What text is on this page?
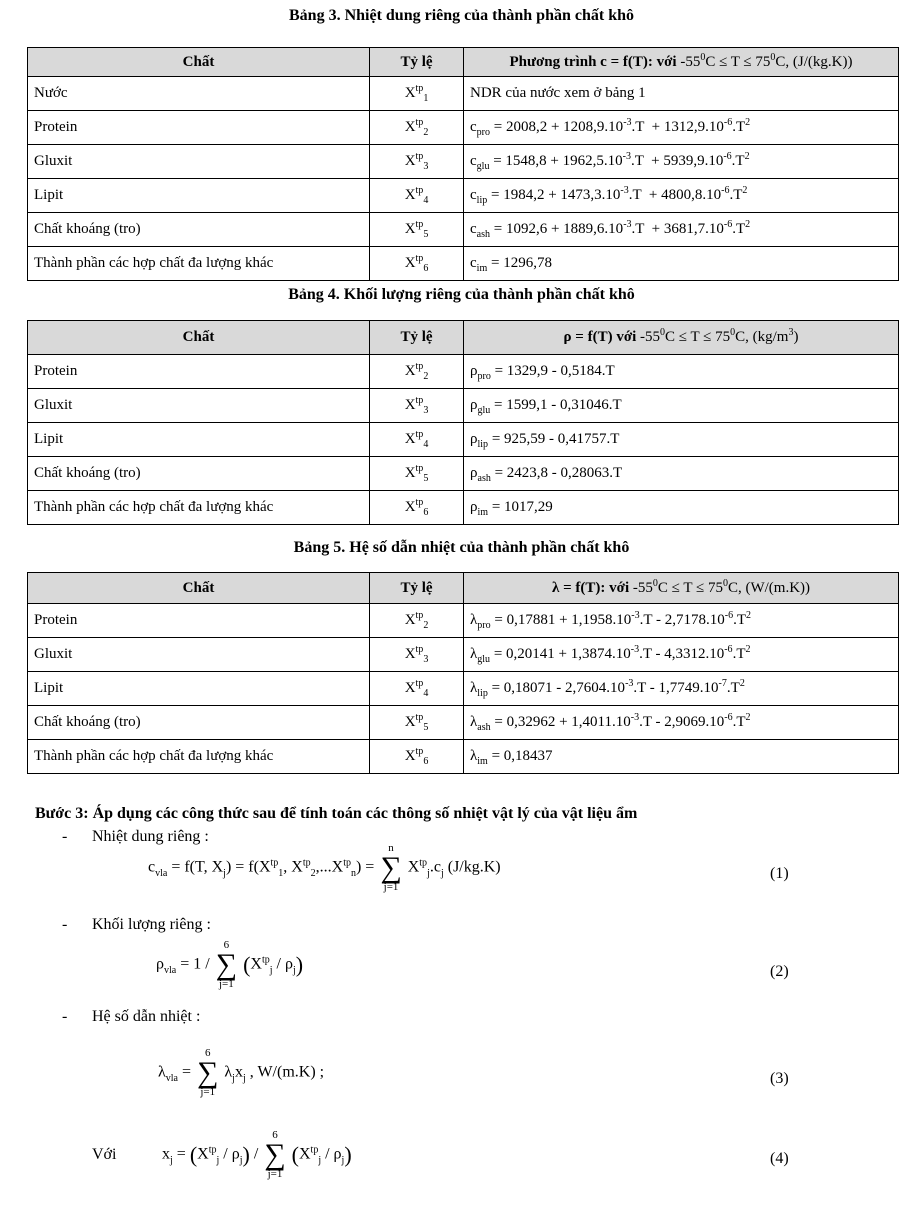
Bảng 3. Nhiệt dung riêng của thành phần chất khô
Chất	Tỷ lệ	Phương trình c = f(T): với $-55^0C \le T \le 75^0C$, (J/(kg.K))
Nước	$X^{tp}_1$	NDR của nước xem ở bảng 1
Protein	$X^{tp}_2$	$c_{pro} = 2008,2 + 1208,9.10^{-3}.T + 1312,9.10^{-6}.T^2$
Gluxit	$X^{tp}_3$	$c_{glu} = 1548,8 + 1962,5.10^{-3}.T + 5939,9.10^{-6}.T^2$
Lipit	$X^{tp}_4$	$c_{lip} = 1984,2 + 1473,3.10^{-3}.T + 4800,8.10^{-6}.T^2$
Chất khoáng (tro)	$X^{tp}_5$	$c_{ash} = 1092,6 + 1889,6.10^{-3}.T + 3681,7.10^{-6}.T^2$
Thành phần các hợp chất đa lượng khác	$X^{tp}_6$	$c_{im} = 1296,78$
Bảng 4. Khối lượng riêng của thành phần chất khô
Chất	Tỷ lệ	ρ = f(T) với $-55^0C \le T \le 75^0C$, $(kg/m^3)$
Protein	$X^{tp}_2$	$\rho_{pro} = 1329,9 - 0,5184.T$
Gluxit	$X^{tp}_3$	$\rho_{glu} = 1599,1 - 0,31046.T$
Lipit	$X^{tp}_4$	$\rho_{lip} = 925,59 - 0,41757.T$
Chất khoáng (tro)	$X^{tp}_5$	$\rho_{ash} = 2423,8 - 0,28063.T$
Thành phần các hợp chất đa lượng khác	$X^{tp}_6$	$\rho_{im} = 1017,29$
Bảng 5. Hệ số dẫn nhiệt của thành phần chất khô
Chất	Tỷ lệ	λ = f(T): với $-55^0C \le T \le 75^0C$, (W/(m.K))
Protein	$X^{tp}_2$	$\lambda_{pro} = 0,17881 + 1,1958.10^{-3}.T - 2,7178.10^{-6}.T^2$
Gluxit	$X^{tp}_3$	$\lambda_{glu} = 0,20141 + 1,3874.10^{-3}.T - 4,3312.10^{-6}.T^2$
Lipit	$X^{tp}_4$	$\lambda_{lip} = 0,18071 - 2,7604.10^{-3}.T - 1,7749.10^{-7}.T^2$
Chất khoáng (tro)	$X^{tp}_5$	$\lambda_{ash} = 0,32962 + 1,4011.10^{-3}.T - 2,9069.10^{-6}.T^2$
Thành phần các hợp chất đa lượng khác	$X^{tp}_6$	$\lambda_{im} = 0,18437$
Bước 3: Áp dụng các công thức sau để tính toán các thông số nhiệt vật lý của vật liệu ẩm
- Nhiệt dung riêng :
$c_{vla} = f(T$, $X_j) = f(X^{tp}_1$, $X^{tp}_2,...X^{tp}_n$) =
n
∑
j=1
$X^{tp}_j.c_j$ (J/kg.K)	(1)
- Khối lượng riêng :
$\rho_{vla} = 1$ /
6
∑
j=1
$(X^{tp}_j / \rho_j)$	(2)
- Hệ số dẫn nhiệt :
$\lambda_{vla}$ =
6
∑
j=1
$\lambda_jx_j$ , W/(m.K) ;	(3)
Với	$x_j = (X^{tp}_j / \rho_j)$ /
6
∑
j=1
$(X^{tp}_j / \rho_j)$	(4)
